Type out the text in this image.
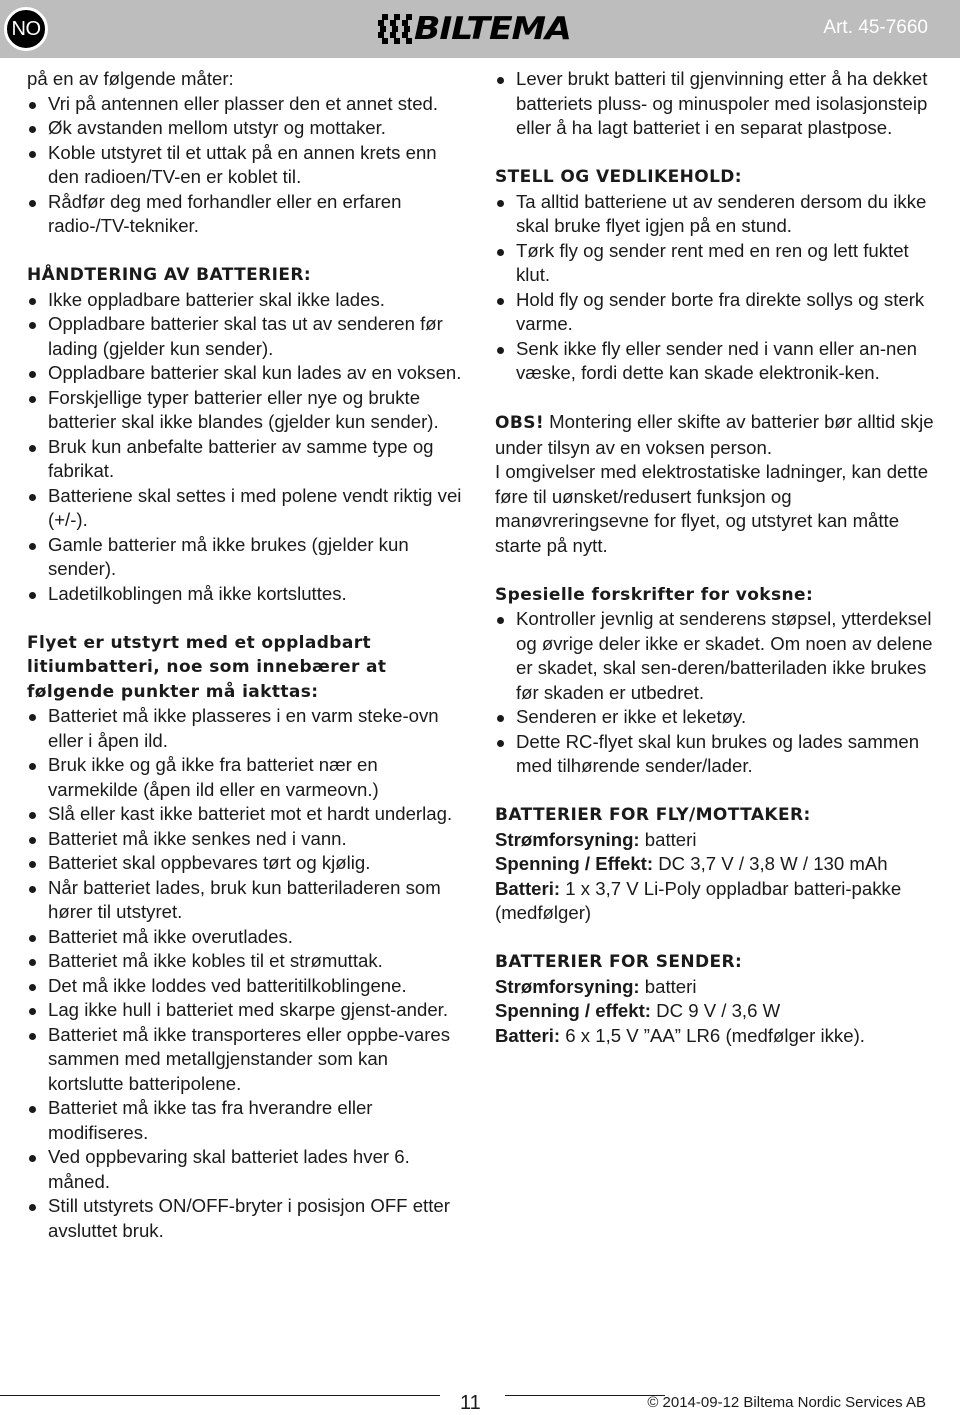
NO	BILTEMA	Art. 45-7660

på en av følgende måter:

Vri på antennen eller plasser den et annet sted.
Øk avstanden mellom utstyr og mottaker.
Koble utstyret til et uttak på en annen krets enn den radioen/TV-en er koblet til.
Rådfør deg med forhandler eller en erfaren radio-/TV-tekniker.

HÅNDTERING AV BATTERIER:

Ikke oppladbare batterier skal ikke lades.
Oppladbare batterier skal tas ut av senderen før lading (gjelder kun sender).
Oppladbare batterier skal kun lades av en voksen.
Forskjellige typer batterier eller nye og brukte batterier skal ikke blandes (gjelder kun sender).
Bruk kun anbefalte batterier av samme type og fabrikat.
Batteriene skal settes i med polene vendt riktig vei (+/-).
Gamle batterier må ikke brukes (gjelder kun sender).
Ladetilkoblingen må ikke kortsluttes.

Flyet er utstyrt med et oppladbart litiumbatteri, noe som innebærer at følgende punkter må iakttas:

Batteriet må ikke plasseres i en varm steke-ovn eller i åpen ild.
Bruk ikke og gå ikke fra batteriet nær en varmekilde (åpen ild eller en varmeovn.)
Slå eller kast ikke batteriet mot et hardt underlag.
Batteriet må ikke senkes ned i vann.
Batteriet skal oppbevares tørt og kjølig.
Når batteriet lades, bruk kun batteriladeren som hører til utstyret.
Batteriet må ikke overutlades.
Batteriet må ikke kobles til et strømuttak.
Det må ikke loddes ved batteritilkoblingene.
Lag ikke hull i batteriet med skarpe gjenst-ander.
Batteriet må ikke transporteres eller oppbe-vares sammen med metallgjenstander som kan kortslutte batteripolene.
Batteriet må ikke tas fra hverandre eller modifiseres.
Ved oppbevaring skal batteriet lades hver 6. måned.
Still utstyrets ON/OFF-bryter i posisjon OFF etter avsluttet bruk.
Lever brukt batteri til gjenvinning etter å ha dekket batteriets pluss- og minuspoler med isolasjonsteip eller å ha lagt batteriet i en separat plastpose.

STELL OG VEDLIKEHOLD:

Ta alltid batteriene ut av senderen dersom du ikke skal bruke flyet igjen på en stund.
Tørk fly og sender rent med en ren og lett fuktet klut.
Hold fly og sender borte fra direkte sollys og sterk varme.
Senk ikke fly eller sender ned i vann eller an-nen væske, fordi dette kan skade elektronik-ken.

OBS! Montering eller skifte av batterier bør alltid skje under tilsyn av en voksen person.

I omgivelser med elektrostatiske ladninger, kan dette føre til uønsket/redusert funksjon og manøvreringsevne for flyet, og utstyret kan måtte starte på nytt.

Spesielle forskrifter for voksne:

Kontroller jevnlig at senderens støpsel, ytterdeksel og øvrige deler ikke er skadet. Om noen av delene er skadet, skal sen-deren/batteriladen ikke brukes før skaden er utbedret.
Senderen er ikke et leketøy.
Dette RC-flyet skal kun brukes og lades sammen med tilhørende sender/lader.

BATTERIER FOR FLY/MOTTAKER:

Strømforsyning: batteri

Spenning / Effekt: DC 3,7 V / 3,8 W / 130 mAh

Batteri: 1 x 3,7 V Li-Poly oppladbar batteri-pakke (medfølger)

BATTERIER FOR SENDER:

Strømforsyning: batteri

Spenning / effekt: DC 9 V / 3,6 W

Batteri: 6 x 1,5 V ”AA” LR6 (medfølger ikke).

11	© 2014-09-12 Biltema Nordic Services AB
